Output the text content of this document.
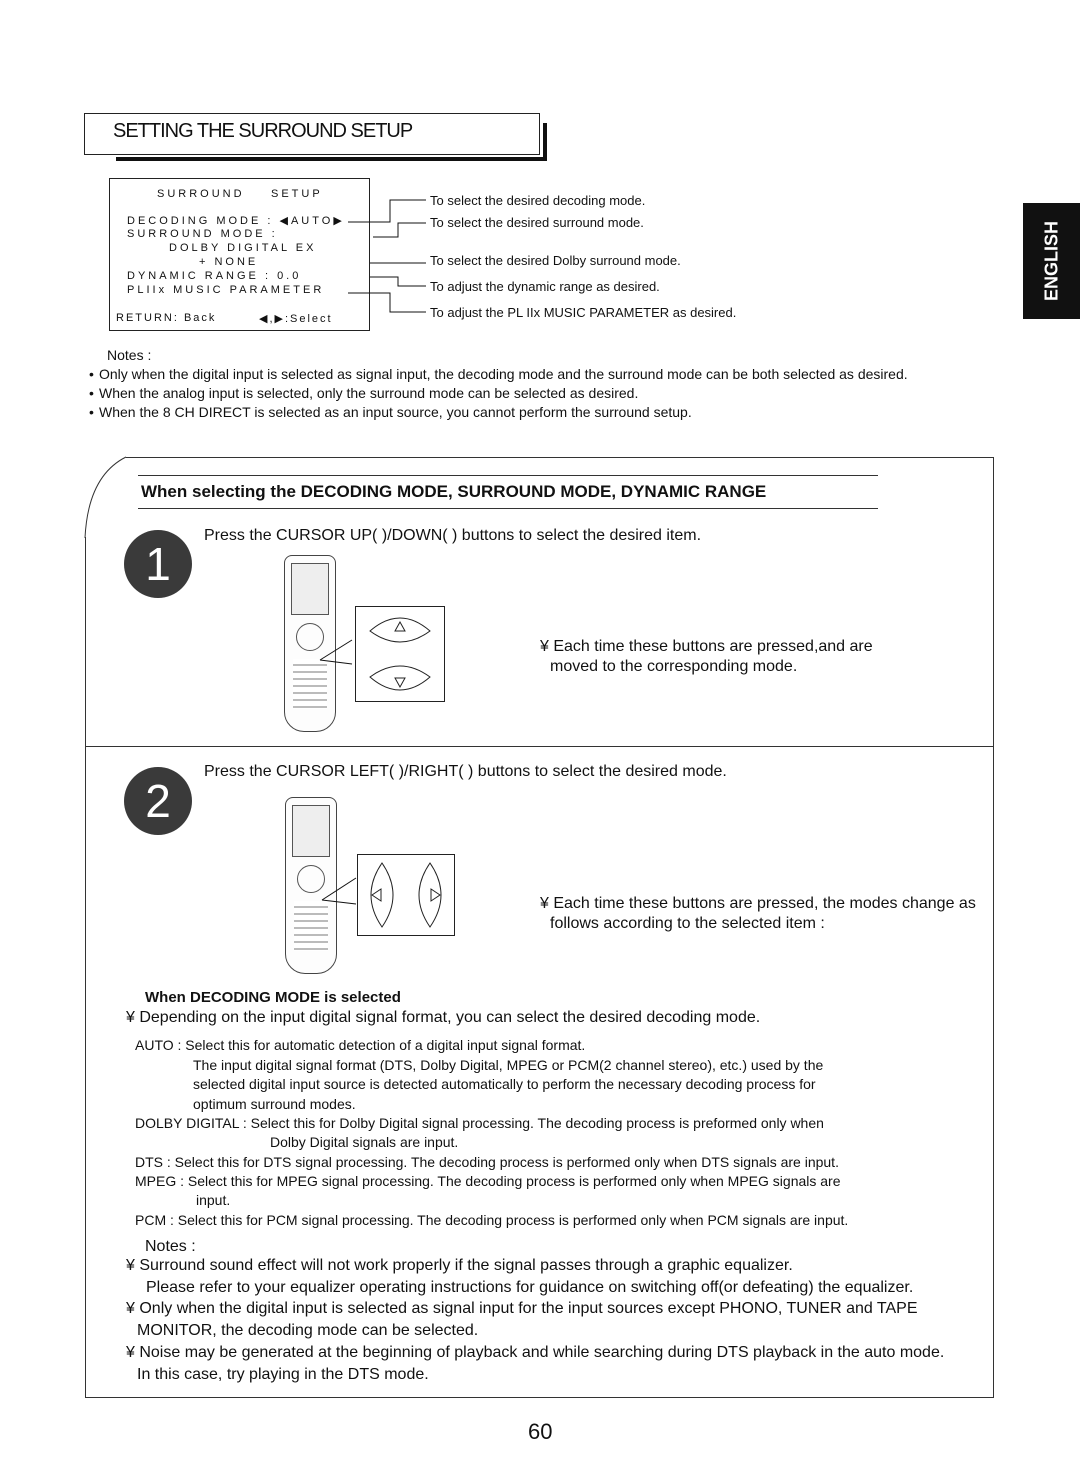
SETTING THE SURROUND SETUP
ENGLISH
SURROUND SETUP
DECODING MODE : ◀AUTO▶
SURROUND MODE :
DOLBY DIGITAL EX
+ NONE
DYNAMIC RANGE : 0.0
PLIIx MUSIC PARAMETER
RETURN: Back	◀,▶:Select
To select the desired decoding mode.
To select the desired surround mode.
To select the desired Dolby surround mode.
To adjust the dynamic range as desired.
To adjust the PL IIx MUSIC PARAMETER as desired.
Notes :
• Only when the digital input is selected as signal input, the decoding mode and the surround mode can be both selected as desired.
• When the analog input is selected, only the surround mode can be selected as desired.
• When the 8 CH DIRECT is selected as an input source, you cannot perform the surround setup.
When selecting the DECODING MODE, SURROUND MODE, DYNAMIC RANGE
1
Press the CURSOR UP( )/DOWN( ) buttons to select the desired item.
¥ Each time these buttons are pressed,and are
moved to the corresponding mode.
2
Press the CURSOR LEFT( )/RIGHT( ) buttons to select the desired mode.
¥ Each time these buttons are pressed, the modes change as
follows according to the selected item :
When DECODING MODE is selected
¥ Depending on the input digital signal format, you can select the desired decoding mode.
AUTO : Select this for automatic detection of a digital input signal format.
The input digital signal format (DTS, Dolby Digital, MPEG or PCM(2 channel stereo), etc.) used by the
selected digital input source is detected automatically to perform the necessary decoding process for
optimum surround modes.
DOLBY DIGITAL : Select this for Dolby Digital signal processing. The decoding process is preformed only when
Dolby Digital signals are input.
DTS : Select this for DTS signal processing. The decoding process is performed only when DTS signals are input.
MPEG : Select this for MPEG signal processing. The decoding process is performed only when MPEG signals are
input.
PCM : Select this for PCM signal processing. The decoding process is performed only when PCM signals are input.
Notes :
¥ Surround sound effect will not work properly if the signal passes through a graphic equalizer.
Please refer to your equalizer operating instructions for guidance on switching off(or defeating) the equalizer.
¥ Only when the digital input is selected as signal input for the input sources except PHONO, TUNER and TAPE
MONITOR, the decoding mode can be selected.
¥ Noise may be generated at the beginning of playback and while searching during DTS playback in the auto mode.
In this case, try playing in the DTS mode.
60
